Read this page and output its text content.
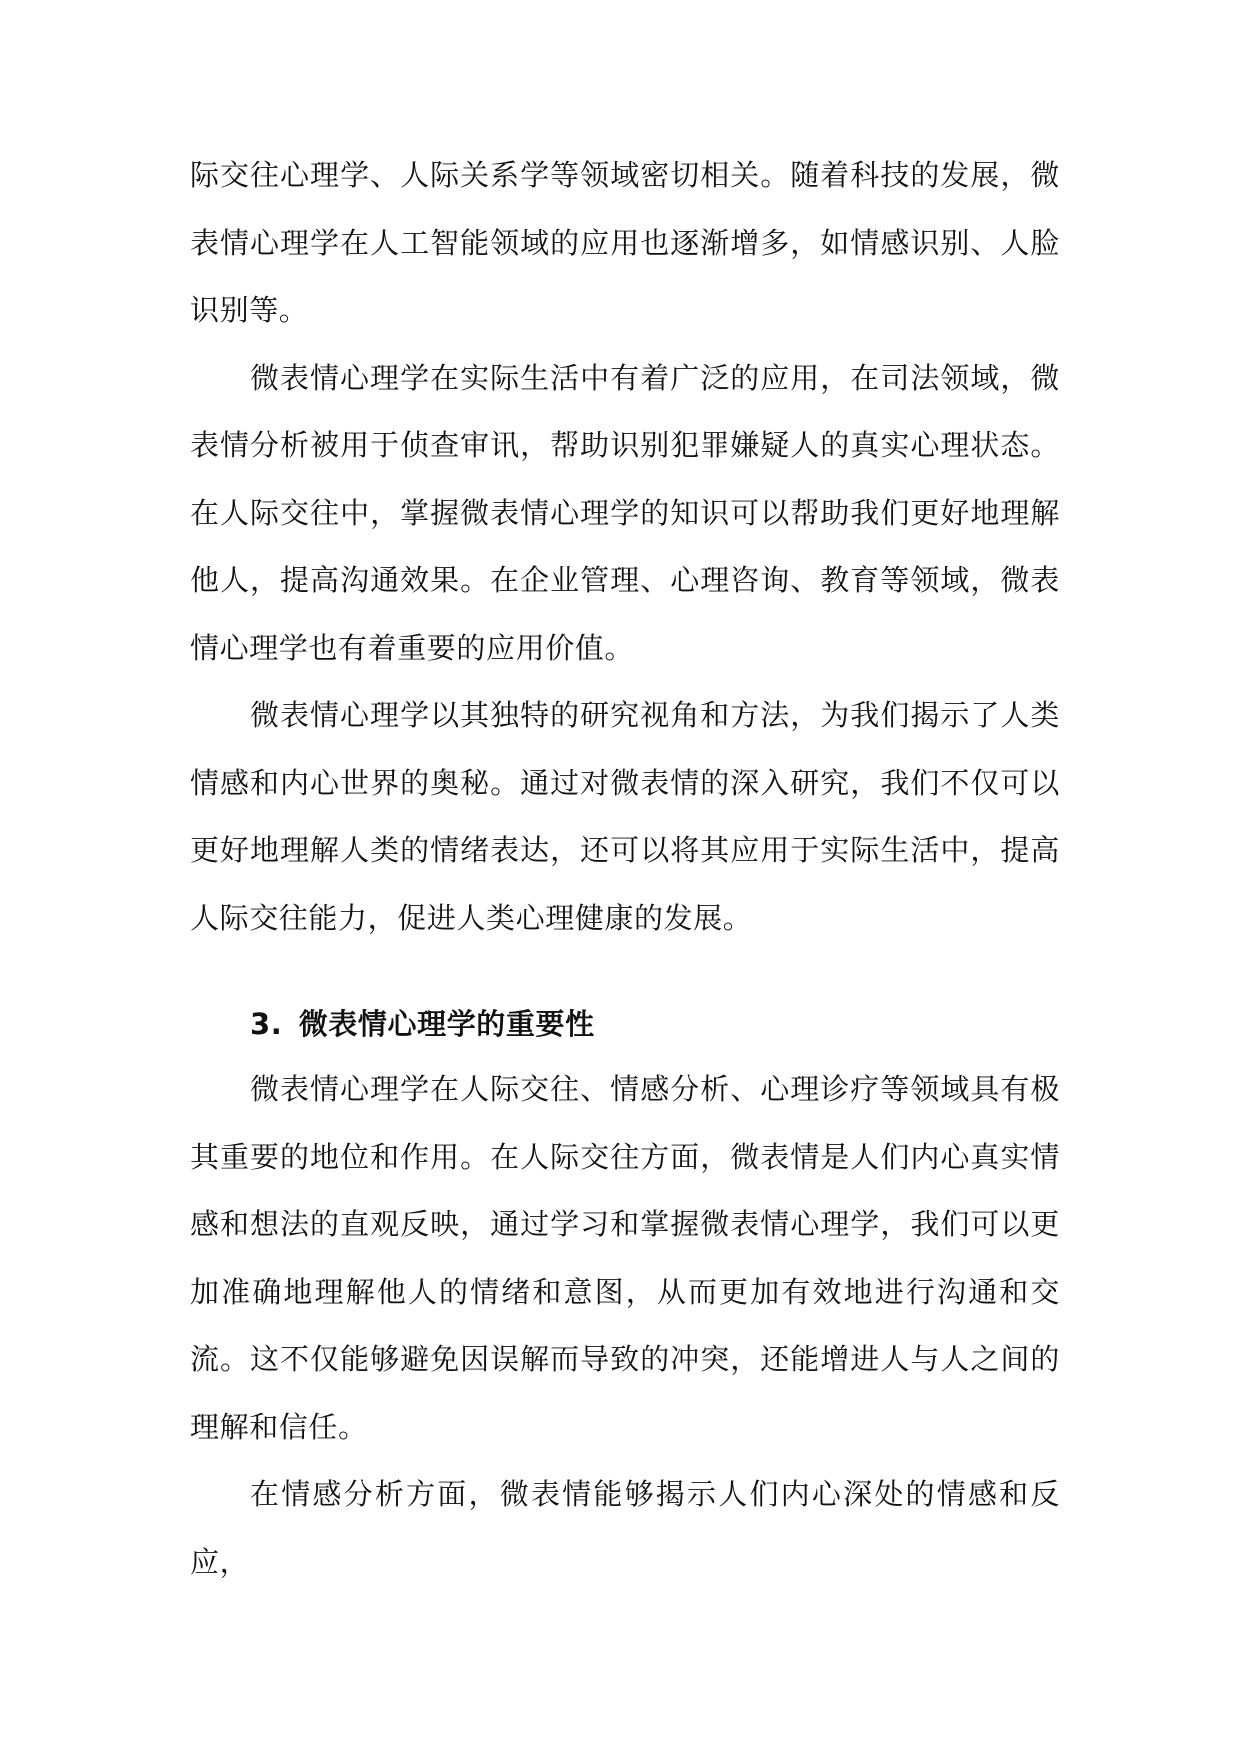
际交往心理学、人际关系学等领域密切相关。随着科技的发展，微表情心理学在人工智能领域的应用也逐渐增多，如情感识别、人脸识别等。

微表情心理学在实际生活中有着广泛的应用，在司法领域，微表情分析被用于侦查审讯，帮助识别犯罪嫌疑人的真实心理状态。在人际交往中，掌握微表情心理学的知识可以帮助我们更好地理解他人，提高沟通效果。在企业管理、心理咨询、教育等领域，微表情心理学也有着重要的应用价值。

微表情心理学以其独特的研究视角和方法，为我们揭示了人类情感和内心世界的奥秘。通过对微表情的深入研究，我们不仅可以更好地理解人类的情绪表达，还可以将其应用于实际生活中，提高人际交往能力，促进人类心理健康的发展。

3. 微表情心理学的重要性

微表情心理学在人际交往、情感分析、心理诊疗等领域具有极其重要的地位和作用。在人际交往方面，微表情是人们内心真实情感和想法的直观反映，通过学习和掌握微表情心理学，我们可以更加准确地理解他人的情绪和意图，从而更加有效地进行沟通和交流。这不仅能够避免因误解而导致的冲突，还能增进人与人之间的理解和信任。

在情感分析方面，微表情能够揭示人们内心深处的情感和反应，
